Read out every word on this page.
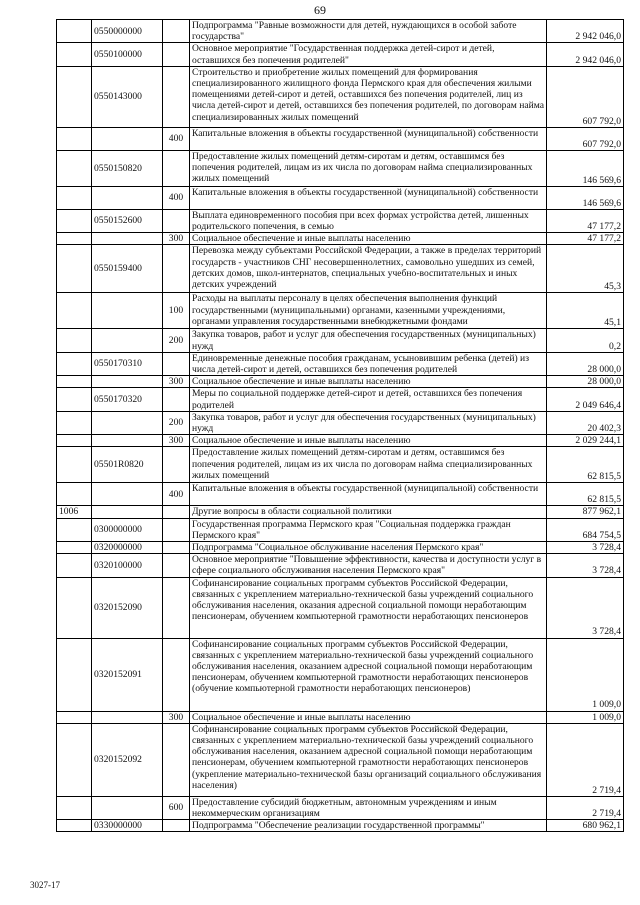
69
	0550000000		Подпрограмма "Равные возможности для детей, нуждающихся в особой заботе государства"	2 942 046,0
	0550100000		Основное мероприятие "Государственная поддержка детей-сирот и детей, оставшихся без попечения родителей"	2 942 046,0
	0550143000		Строительство и приобретение жилых помещений для формирования специализированного жилищного фонда Пермского края для обеспечения жилыми помещениями детей-сирот и детей, оставшихся без попечения родителей, лиц из числа детей-сирот и детей, оставшихся без попечения родителей, по договорам найма специализированных жилых помещений	607 792,0
		400	Капитальные вложения в объекты государственной (муниципальной) собственности	607 792,0
	0550150820		Предоставление жилых помещений детям-сиротам и детям, оставшимся без попечения родителей, лицам из их числа по договорам найма специализированных жилых помещений	146 569,6
		400	Капитальные вложения в объекты государственной (муниципальной) собственности	146 569,6
	0550152600		Выплата единовременного пособия при всех формах устройства детей, лишенных родительского попечения, в семью	47 177,2
		300	Социальное обеспечение и иные выплаты населению	47 177,2
	0550159400		Перевозка между субъектами Российской Федерации, а также в пределах территорий государств - участников СНГ несовершеннолетних, самовольно ушедших из семей, детских домов, школ-интернатов, специальных учебно-воспитательных и иных детских учреждений	45,3
		100	Расходы на выплаты персоналу в целях обеспечения выполнения функций государственными (муниципальными) органами, казенными учреждениями, органами управления государственными внебюджетными фондами	45,1
		200	Закупка товаров, работ и услуг для обеспечения государственных (муниципальных) нужд	0,2
	0550170310		Единовременные денежные пособия гражданам, усыновившим ребенка (детей) из числа детей-сирот и детей, оставшихся без попечения родителей	28 000,0
		300	Социальное обеспечение и иные выплаты населению	28 000,0
	0550170320		Меры по социальной поддержке детей-сирот и детей, оставшихся без попечения родителей	2 049 646,4
		200	Закупка товаров, работ и услуг для обеспечения государственных (муниципальных) нужд	20 402,3
		300	Социальное обеспечение и иные выплаты населению	2 029 244,1
	05501R0820		Предоставление жилых помещений детям-сиротам и детям, оставшимся без попечения родителей, лицам из их числа по договорам найма специализированных жилых помещений	62 815,5
		400	Капитальные вложения в объекты государственной (муниципальной) собственности	62 815,5
1006			Другие вопросы в области социальной политики	877 962,1
	0300000000		Государственная программа Пермского края "Социальная поддержка граждан Пермского края"	684 754,5
	0320000000		Подпрограмма "Социальное обслуживание населения Пермского края"	3 728,4
	0320100000		Основное мероприятие "Повышение эффективности, качества и доступности услуг в сфере социального обслуживания населения Пермского края"	3 728,4
	0320152090		Софинансирование социальных программ субъектов Российской Федерации, связанных с укреплением материально-технической базы учреждений социального обслуживания населения, оказания адресной социальной помощи неработающим пенсионерам, обучением компьютерной грамотности неработающих пенсионеров	3 728,4
	0320152091		Софинансирование социальных программ субъектов Российской Федерации, связанных с укреплением материально-технической базы учреждений социального обслуживания населения, оказанием адресной социальной помощи неработающим пенсионерам, обучением компьютерной грамотности неработающих пенсионеров (обучение компьютерной грамотности неработающих пенсионеров)	1 009,0
		300	Социальное обеспечение и иные выплаты населению	1 009,0
	0320152092		Софинансирование социальных программ субъектов Российской Федерации, связанных с укреплением материально-технической базы учреждений социального обслуживания населения, оказанием адресной социальной помощи неработающим пенсионерам, обучением компьютерной грамотности неработающих пенсионеров (укрепление материально-технической базы организаций социального обслуживания населения)	2 719,4
		600	Предоставление субсидий бюджетным, автономным учреждениям и иным некоммерческим организациям	2 719,4
	0330000000		Подпрограмма "Обеспечение реализации государственной программы"	680 962,1
3027-17
